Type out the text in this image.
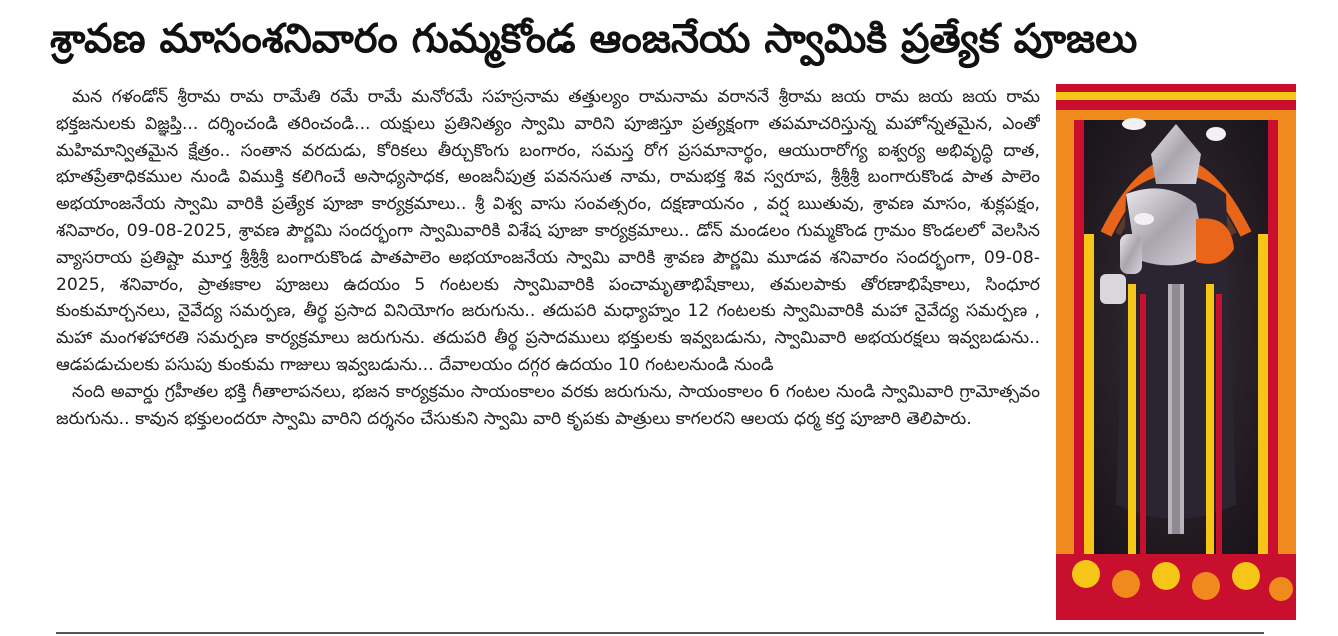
శ్రావణ మాసంశనివారం గుమ్మకోండ ఆంజనేయ స్వామికి ప్రత్యేక పూజలు

మన గళండోన్ శ్రీరామ రామ రామేతి రమే రామే మనోరమే సహస్రనామ తత్తుల్యం రామనామ వరాననే శ్రీరామ జయ రామ జయ జయ రామ భక్తజనులకు విజ్ఞప్తి... దర్శించండి తరించండి... యక్షులు ప్రతినిత్యం స్వామి వారిని పూజిస్తూ ప్రత్యక్షంగా తపమాచరిస్తున్న మహోన్నతమైన, ఎంతో మహిమాన్వితమైన క్షేత్రం.. సంతాన వరదుడు, కోరికలు తీర్చుకొంగు బంగారం, సమస్త రోగ ప్రసమానార్థం, ఆయురారోగ్య ఐశ్వర్య అభివృద్ధి దాత, భూతప్రేతాధికముల నుండి విముక్తి కలిగించే అసాధ్యసాధక, అంజనీపుత్ర పవనసుత నామ, రామభక్త శివ స్వరూప, శ్రీశ్రీశ్రీ బంగారుకొండ పాత పాలెం అభయాంజనేయ స్వామి వారికి ప్రత్యేక పూజా కార్యక్రమాలు.. శ్రీ విశ్వ వాసు సంవత్సరం, దక్షణాయనం , వర్ష ఋతువు, శ్రావణ మాసం, శుక్లపక్షం, శనివారం, 09-08-2025, శ్రావణ పౌర్ణమి సందర్భంగా స్వామివారికి విశేష పూజా కార్యక్రమాలు.. డోన్ మండలం గుమ్మకొండ గ్రామం కొండలలో వెలసిన వ్యాసరాయ ప్రతిష్టా మూర్త శ్రీశ్రీశ్రీ బంగారుకొండ పాతపాలెం అభయాంజనేయ స్వామి వారికి శ్రావణ పౌర్ణమి మూడవ శనివారం సందర్భంగా, 09-08-2025, శనివారం, ప్రాతఃకాల పూజలు ఉదయం 5 గంటలకు స్వామివారికి పంచామృతాభిషేకాలు, తమలపాకు తోరణాభిషేకాలు, సింధూర కుంకుమార్చనలు, నైవేద్య సమర్పణ, తీర్థ ప్రసాద వినియోగం జరుగును.. తదుపరి మధ్యాహ్నం 12 గంటలకు స్వామివారికి మహా నైవేద్య సమర్పణ , మహా మంగళహారతి సమర్పణ కార్యక్రమాలు జరుగును. తదుపరి తీర్థ ప్రసాదములు భక్తులకు ఇవ్వబడును, స్వామివారి అభయరక్షలు ఇవ్వబడును.. ఆడపడుచులకు పసుపు కుంకుమ గాజులు ఇవ్వబడును... దేవాలయం దగ్గర ఉదయం 10 గంటలనుండి నుండి

నంది అవార్డు గ్రహీతల భక్తి గీతాలాపనలు, భజన కార్యక్రమం సాయంకాలం వరకు జరుగును, సాయంకాలం 6 గంటల నుండి స్వామివారి గ్రామోత్సవం జరుగును.. కావున భక్తులందరూ స్వామి వారిని దర్శనం చేసుకుని స్వామి వారి కృపకు పాత్రులు కాగలరని ఆలయ ధర్మ కర్త పూజారి తెలిపారు.
